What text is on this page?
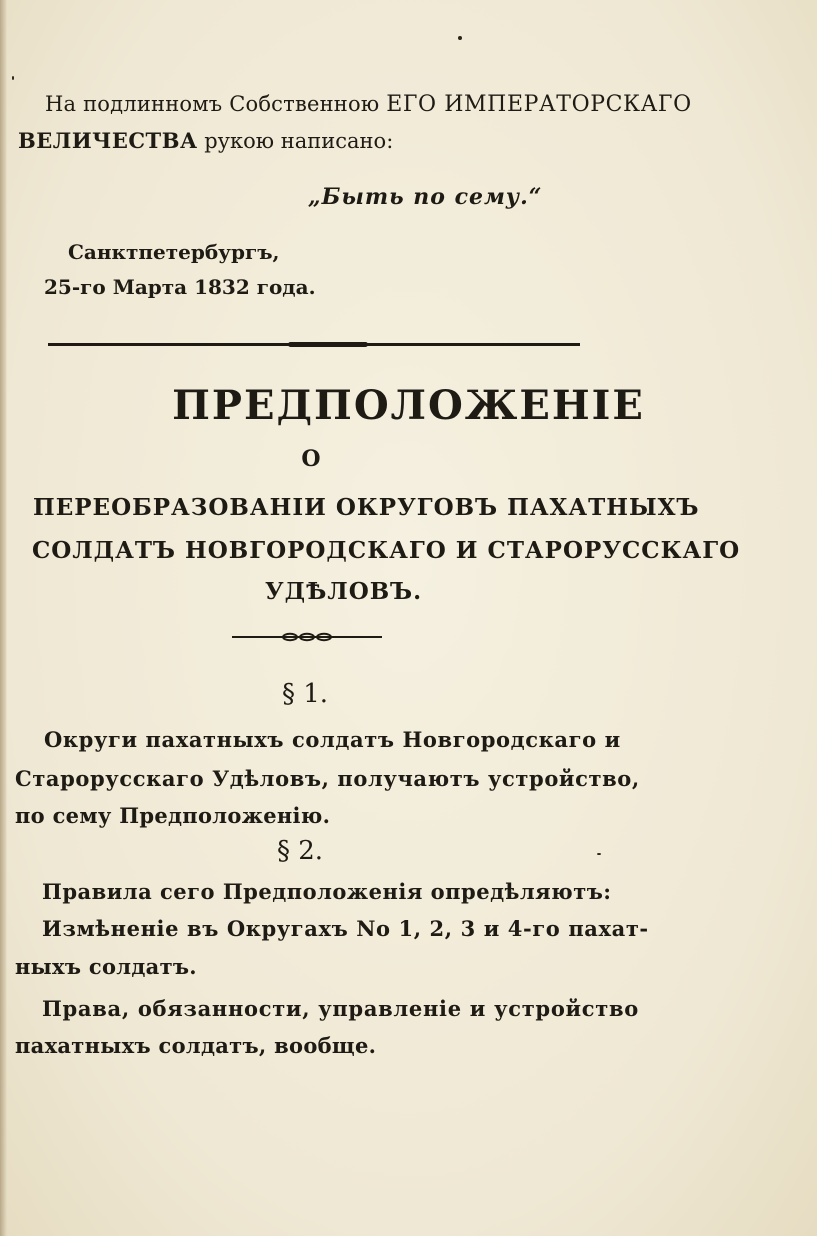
На подлинномъ Собственною ЕГО ИМПЕРАТОРСКАГО
ВЕЛИЧЕСТВА рукою написано:
„Быть по сему.“
Санктпетербургъ,
25-го Марта 1832 года.
ПРЕДПОЛОЖЕНІЕ
О
ПЕРЕОБРАЗОВАНІИ ОКРУГОВЪ ПАХАТНЫХЪ
СОЛДАТЪ НОВГОРОДСКАГО И СТАРОРУССКАГО
УДѢЛОВЪ.
§ 1.
Округи пахатныхъ солдатъ Новгородскаго и
Старорусскаго Удѣловъ, получаютъ устройство,
по сему Предположенію.
§ 2.
Правила сего Предположенія опредѣляютъ:
Измѣненіе въ Округахъ No 1, 2, 3 и 4-го пахат-
ныхъ солдатъ.
Права, обязанности, управленіе и устройство
пахатныхъ солдатъ, вообще.
